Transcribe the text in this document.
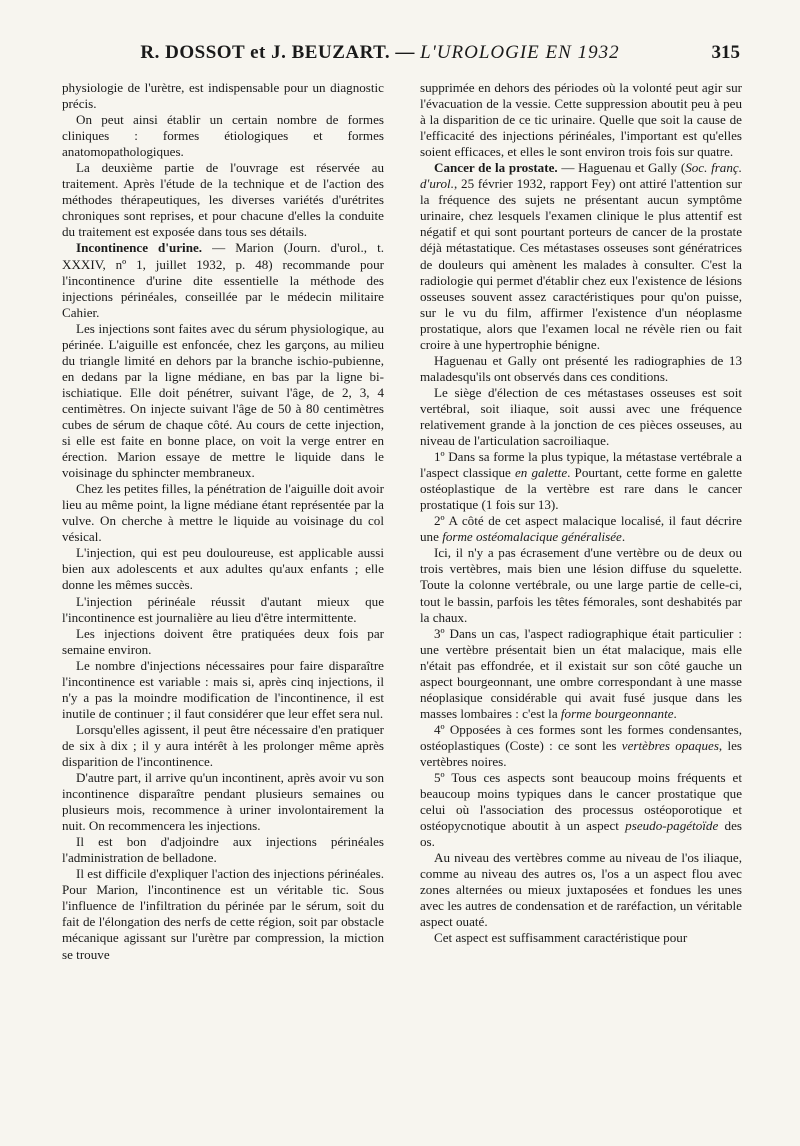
R. DOSSOT et J. BEUZART. — L'UROLOGIE EN 1932	315

physiologie de l'urètre, est indispensable pour un diagnostic précis.

On peut ainsi établir un certain nombre de formes cliniques : formes étiologiques et formes anatomopathologiques.

La deuxième partie de l'ouvrage est réservée au traitement. Après l'étude de la technique et de l'action des méthodes thérapeutiques, les diverses variétés d'urétrites chroniques sont reprises, et pour chacune d'elles la conduite du traitement est exposée dans tous ses détails.

Incontinence d'urine. — Marion (Journ. d'urol., t. XXXIV, nº 1, juillet 1932, p. 48) recommande pour l'incontinence d'urine dite essentielle la méthode des injections périnéales, conseillée par le médecin militaire Cahier.

Les injections sont faites avec du sérum physiologique, au périnée. L'aiguille est enfoncée, chez les garçons, au milieu du triangle limité en dehors par la branche ischio-pubienne, en dedans par la ligne médiane, en bas par la ligne bi-ischiatique. Elle doit pénétrer, suivant l'âge, de 2, 3, 4 centimètres. On injecte suivant l'âge de 50 à 80 centimètres cubes de sérum de chaque côté. Au cours de cette injection, si elle est faite en bonne place, on voit la verge entrer en érection. Marion essaye de mettre le liquide dans le voisinage du sphincter membraneux.

Chez les petites filles, la pénétration de l'aiguille doit avoir lieu au même point, la ligne médiane étant représentée par la vulve. On cherche à mettre le liquide au voisinage du col vésical.

L'injection, qui est peu douloureuse, est applicable aussi bien aux adolescents et aux adultes qu'aux enfants ; elle donne les mêmes succès.

L'injection périnéale réussit d'autant mieux que l'incontinence est journalière au lieu d'être intermittente.

Les injections doivent être pratiquées deux fois par semaine environ.

Le nombre d'injections nécessaires pour faire disparaître l'incontinence est variable : mais si, après cinq injections, il n'y a pas la moindre modification de l'incontinence, il est inutile de continuer ; il faut considérer que leur effet sera nul.

Lorsqu'elles agissent, il peut être nécessaire d'en pratiquer de six à dix ; il y aura intérêt à les prolonger même après disparition de l'incontinence.

D'autre part, il arrive qu'un incontinent, après avoir vu son incontinence disparaître pendant plusieurs semaines ou plusieurs mois, recommence à uriner involontairement la nuit. On recommencera les injections.

Il est bon d'adjoindre aux injections périnéales l'administration de belladone.

Il est difficile d'expliquer l'action des injections périnéales. Pour Marion, l'incontinence est un véritable tic. Sous l'influence de l'infiltration du périnée par le sérum, soit du fait de l'élongation des nerfs de cette région, soit par obstacle mécanique agissant sur l'urètre par compression, la miction se trouve

supprimée en dehors des périodes où la volonté peut agir sur l'évacuation de la vessie. Cette suppression aboutit peu à peu à la disparition de ce tic urinaire. Quelle que soit la cause de l'efficacité des injections périnéales, l'important est qu'elles soient efficaces, et elles le sont environ trois fois sur quatre.

Cancer de la prostate. — Haguenau et Gally (Soc. franç. d'urol., 25 février 1932, rapport Fey) ont attiré l'attention sur la fréquence des sujets ne présentant aucun symptôme urinaire, chez lesquels l'examen clinique le plus attentif est négatif et qui sont pourtant porteurs de cancer de la prostate déjà métastatique. Ces métastases osseuses sont génératrices de douleurs qui amènent les malades à consulter. C'est la radiologie qui permet d'établir chez eux l'existence de lésions osseuses souvent assez caractéristiques pour qu'on puisse, sur le vu du film, affirmer l'existence d'un néoplasme prostatique, alors que l'examen local ne révèle rien ou fait croire à une hypertrophie bénigne.

Haguenau et Gally ont présenté les radiographies de 13 maladesqu'ils ont observés dans ces conditions.

Le siège d'élection de ces métastases osseuses est soit vertébral, soit iliaque, soit aussi avec une fréquence relativement grande à la jonction de ces pièces osseuses, au niveau de l'articulation sacroiliaque.

1º Dans sa forme la plus typique, la métastase vertébrale a l'aspect classique en galette. Pourtant, cette forme en galette ostéoplastique de la vertèbre est rare dans le cancer prostatique (1 fois sur 13).

2º A côté de cet aspect malacique localisé, il faut décrire une forme ostéomalacique généralisée.

Ici, il n'y a pas écrasement d'une vertèbre ou de deux ou trois vertèbres, mais bien une lésion diffuse du squelette. Toute la colonne vertébrale, ou une large partie de celle-ci, tout le bassin, parfois les têtes fémorales, sont deshabités par la chaux.

3º Dans un cas, l'aspect radiographique était particulier : une vertèbre présentait bien un état malacique, mais elle n'était pas effondrée, et il existait sur son côté gauche un aspect bourgeonnant, une ombre correspondant à une masse néoplasique considérable qui avait fusé jusque dans les masses lombaires : c'est la forme bourgeonnante.

4º Opposées à ces formes sont les formes condensantes, ostéoplastiques (Coste) : ce sont les vertèbres opaques, les vertèbres noires.

5º Tous ces aspects sont beaucoup moins fréquents et beaucoup moins typiques dans le cancer prostatique que celui où l'association des processus ostéoporotique et ostéopycnotique aboutit à un aspect pseudo-pagétoïde des os.

Au niveau des vertèbres comme au niveau de l'os iliaque, comme au niveau des autres os, l'os a un aspect flou avec zones alternées ou mieux juxtaposées et fondues les unes avec les autres de condensation et de raréfaction, un véritable aspect ouaté.

Cet aspect est suffisamment caractéristique pour
